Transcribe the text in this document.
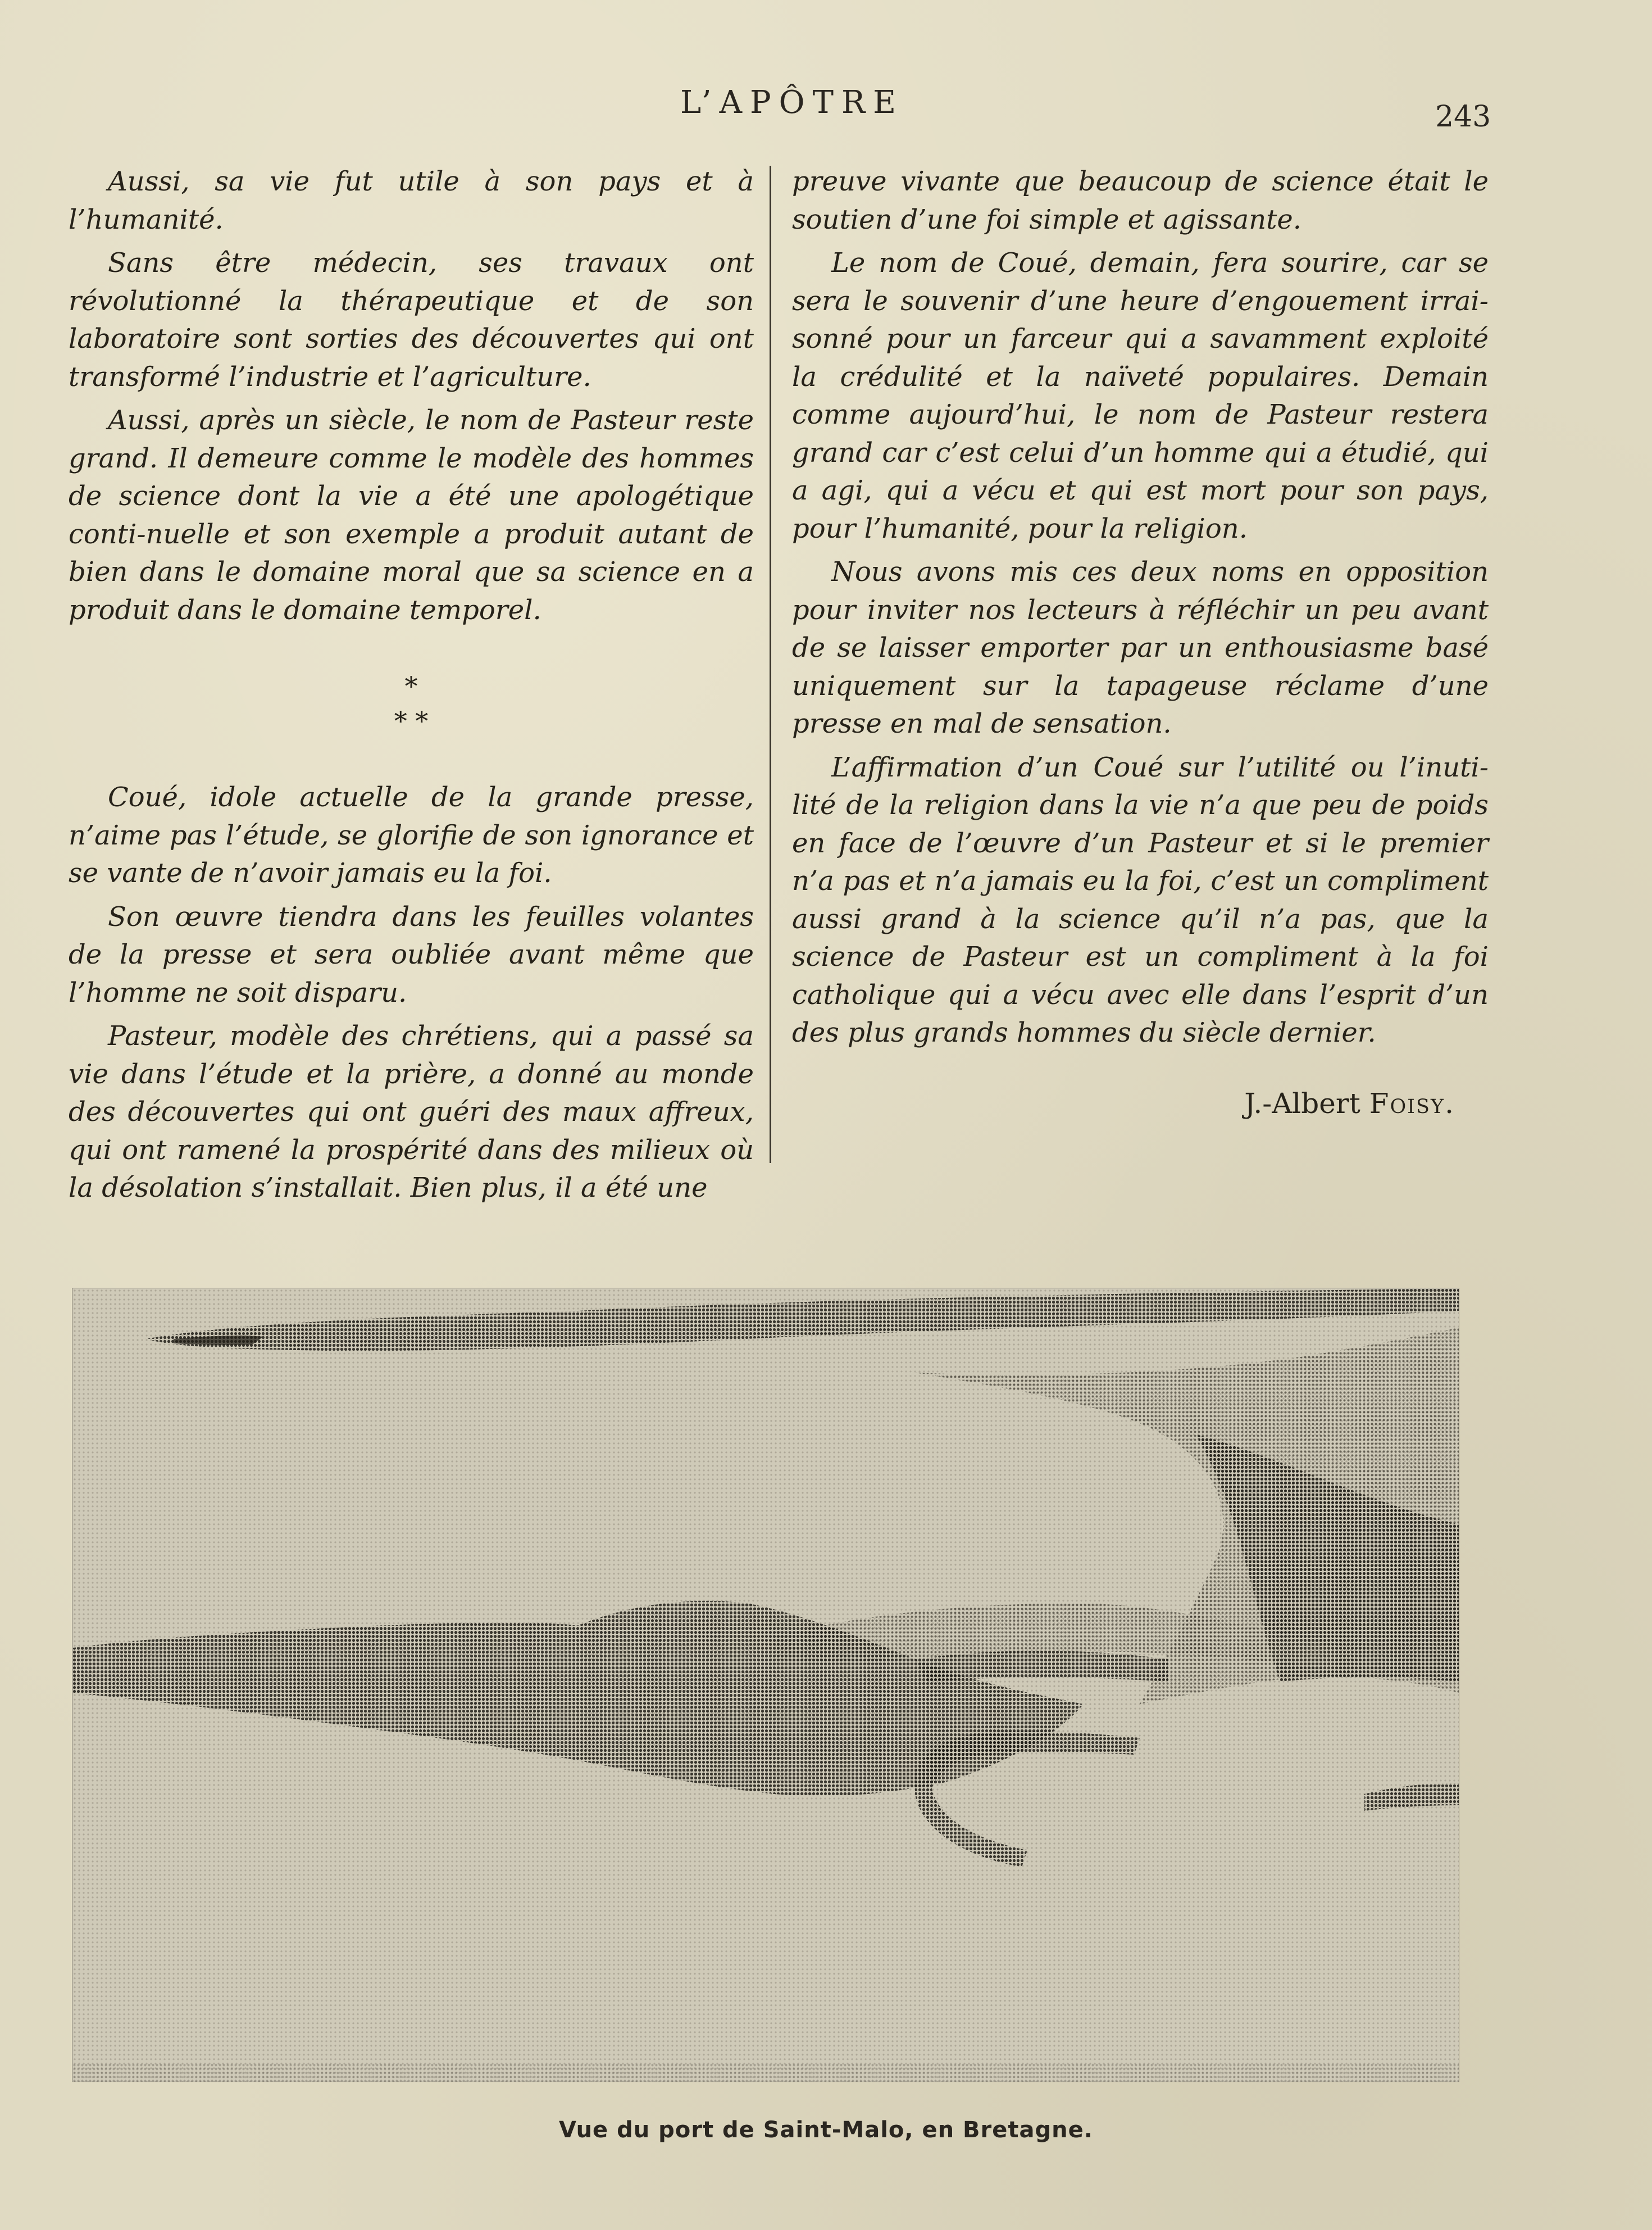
L’APÔTRE	243

Aussi, sa vie fut utile à son pays et à l’humanité.

Sans être médecin, ses travaux ont révolutionné la thérapeutique et de son laboratoire sont sorties des découvertes qui ont transformé l’industrie et l’agriculture.

Aussi, après un siècle, le nom de Pasteur reste grand. Il demeure comme le modèle des hommes de science dont la vie a été une apologétique conti-nuelle et son exemple a produit autant de bien dans le domaine moral que sa science en a produit dans le domaine temporel.

*
* *

Coué, idole actuelle de la grande presse, n’aime pas l’étude, se glorifie de son ignorance et se vante de n’avoir jamais eu la foi.

Son œuvre tiendra dans les feuilles volantes de la presse et sera oubliée avant même que l’homme ne soit disparu.

Pasteur, modèle des chrétiens, qui a passé sa vie dans l’étude et la prière, a donné au monde des découvertes qui ont guéri des maux affreux, qui ont ramené la prospérité dans des milieux où la désolation s’installait. Bien plus, il a été une

preuve vivante que beaucoup de science était le soutien d’une foi simple et agissante.

Le nom de Coué, demain, fera sourire, car se sera le souvenir d’une heure d’engouement irrai-sonné pour un farceur qui a savamment exploité la crédulité et la naïveté populaires. Demain comme aujourd’hui, le nom de Pasteur restera grand car c’est celui d’un homme qui a étudié, qui a agi, qui a vécu et qui est mort pour son pays, pour l’humanité, pour la religion.

Nous avons mis ces deux noms en opposition pour inviter nos lecteurs à réfléchir un peu avant de se laisser emporter par un enthousiasme basé uniquement sur la tapageuse réclame d’une presse en mal de sensation.

L’affirmation d’un Coué sur l’utilité ou l’inuti-lité de la religion dans la vie n’a que peu de poids en face de l’œuvre d’un Pasteur et si le premier n’a pas et n’a jamais eu la foi, c’est un compliment aussi grand à la science qu’il n’a pas, que la science de Pasteur est un compliment à la foi catholique qui a vécu avec elle dans l’esprit d’un des plus grands hommes du siècle dernier.

J.-Albert Foisy.
Vue du port de Saint-Malo, en Bretagne.
